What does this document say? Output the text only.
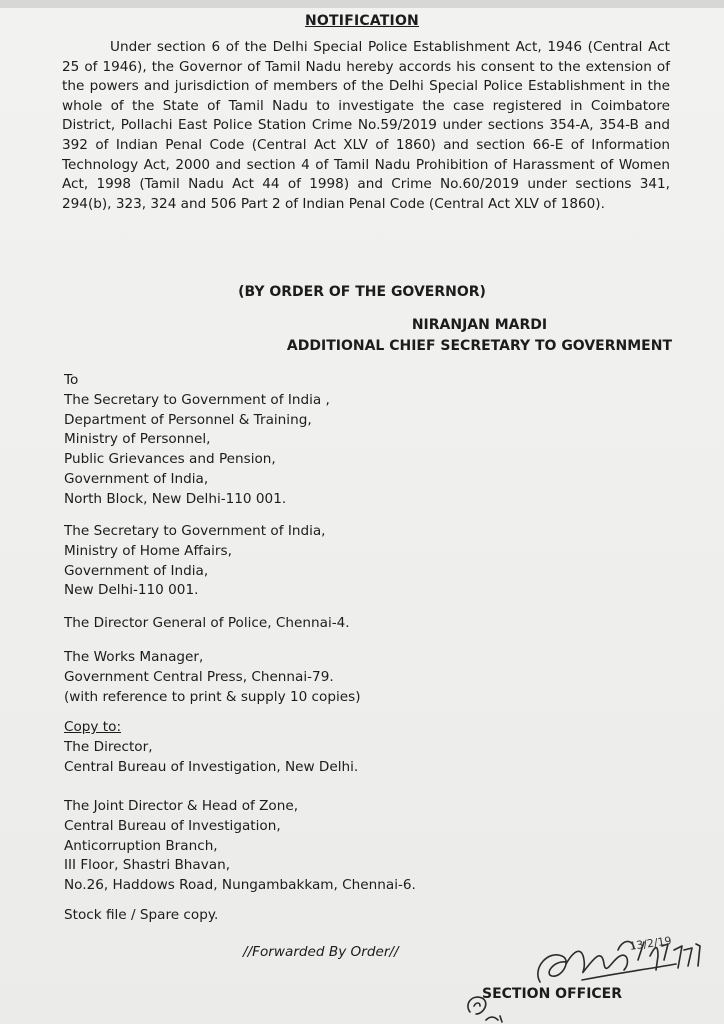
NOTIFICATION

Under section 6 of the Delhi Special Police Establishment Act, 1946 (Central Act 25 of 1946), the Governor of Tamil Nadu hereby accords his consent to the extension of the powers and jurisdiction of members of the Delhi Special Police Establishment in the whole of the State of Tamil Nadu to investigate the case registered in Coimbatore District, Pollachi East Police Station Crime No.59/2019 under sections 354-A, 354-B and 392 of Indian Penal Code (Central Act XLV of 1860) and section 66-E of Information Technology Act, 2000 and section 4 of Tamil Nadu Prohibition of Harassment of Women Act, 1998 (Tamil Nadu Act 44 of 1998) and Crime No.60/2019 under sections 341, 294(b), 323, 324 and 506 Part 2 of Indian Penal Code (Central Act XLV of 1860).

(BY ORDER OF THE GOVERNOR)
NIRANJAN MARDI
ADDITIONAL CHIEF SECRETARY TO GOVERNMENT
To
The Secretary to Government of India ,
Department of Personnel & Training,
Ministry of Personnel,
Public Grievances and Pension,
Government of India,
North Block, New Delhi-110 001.
The Secretary to Government of India,
Ministry of Home Affairs,
Government of India,
New Delhi-110 001.
The Director General of Police, Chennai-4.
The Works Manager,
Government Central Press, Chennai-79.
(with reference to print & supply 10 copies)
Copy to:
The Director,
Central Bureau of Investigation, New Delhi.
The Joint Director & Head of Zone,
Central Bureau of Investigation,
Anticorruption Branch,
III Floor, Shastri Bhavan,
No.26, Haddows Road, Nungambakkam, Chennai-6.
Stock file / Spare copy.
//Forwarded By Order//	13/2/19
SECTION OFFICER
